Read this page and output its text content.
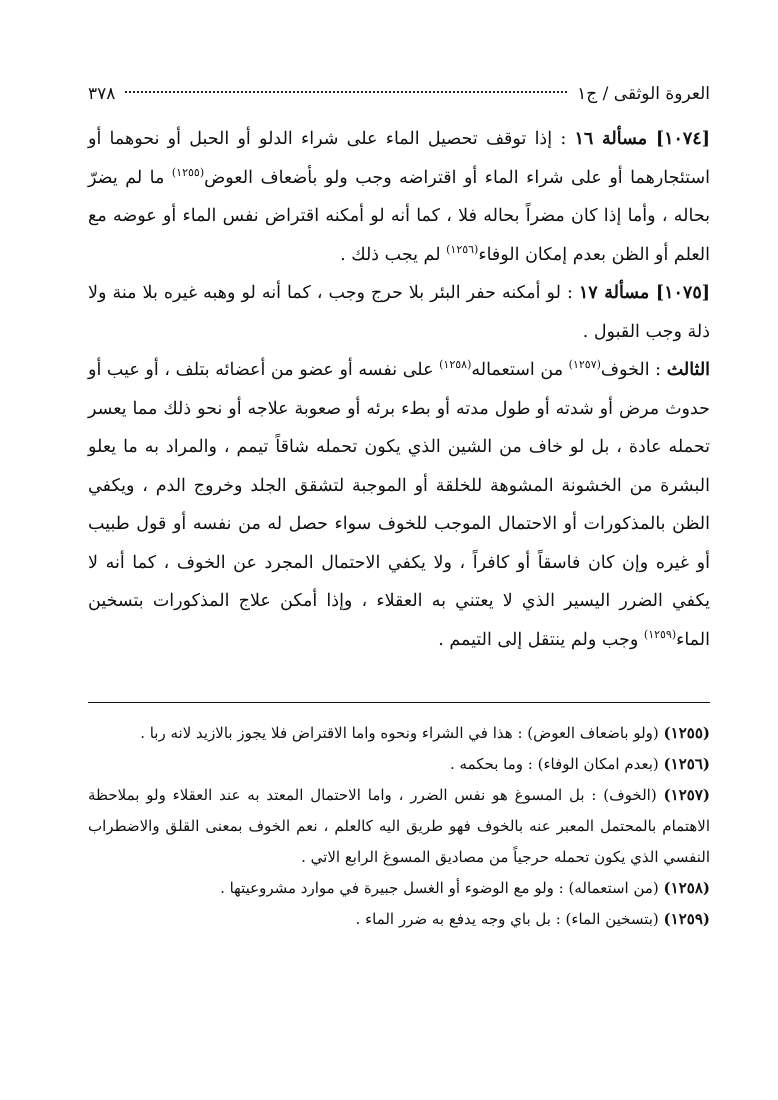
العروة الوثقى / ج١
٣٧٨

[١٠٧٤] مسألة ١٦ : إذا توقف تحصيل الماء على شراء الدلو أو الحبل أو نحوهما أو استئجارهما أو على شراء الماء أو اقتراضه وجب ولو بأضعاف العوض$^{(١٢٥٥)}$ ما لم يضرّ بحاله ، وأما إذا كان مضراً بحاله فلا ، كما أنه لو أمكنه اقتراض نفس الماء أو عوضه مع العلم أو الظن بعدم إمكان الوفاء$^{(١٢٥٦)}$ لم يجب ذلك .

[١٠٧٥] مسألة ١٧ : لو أمكنه حفر البئر بلا حرج وجب ، كما أنه لو وهبه غيره بلا منة ولا ذلة وجب القبول .

الثالث : الخوف$^{(١٢٥٧)}$ من استعماله$^{(١٢٥٨)}$ على نفسه أو عضو من أعضائه بتلف ، أو عيب أو حدوث مرض أو شدته أو طول مدته أو بطء برئه أو صعوبة علاجه أو نحو ذلك مما يعسر تحمله عادة ، بل لو خاف من الشين الذي يكون تحمله شاقاً تيمم ، والمراد به ما يعلو البشرة من الخشونة المشوهة للخلقة أو الموجبة لتشقق الجلد وخروج الدم ، ويكفي الظن بالمذكورات أو الاحتمال الموجب للخوف سواء حصل له من نفسه أو قول طبيب أو غيره وإن كان فاسقاً أو كافراً ، ولا يكفي الاحتمال المجرد عن الخوف ، كما أنه لا يكفي الضرر اليسير الذي لا يعتني به العقلاء ، وإذا أمكن علاج المذكورات بتسخين الماء$^{(١٢٥٩)}$ وجب ولم ينتقل إلى التيمم .

(١٢٥٥) (ولو باضعاف العوض) : هذا في الشراء ونحوه واما الاقتراض فلا يجوز بالازيد لانه ربا .

(١٢٥٦) (بعدم امكان الوفاء) : وما بحكمه .

(١٢٥٧) (الخوف) : بل المسوغ هو نفس الضرر ، واما الاحتمال المعتد به عند العقلاء ولو بملاحظة الاهتمام بالمحتمل المعبر عنه بالخوف فهو طريق اليه كالعلم ، نعم الخوف بمعنى القلق والاضطراب النفسي الذي يكون تحمله حرجياً من مصاديق المسوغ الرابع الاتي .

(١٢٥٨) (من استعماله) : ولو مع الوضوء أو الغسل جبيرة في موارد مشروعيتها .

(١٢٥٩) (بتسخين الماء) : بل باي وجه يدفع به ضرر الماء .
